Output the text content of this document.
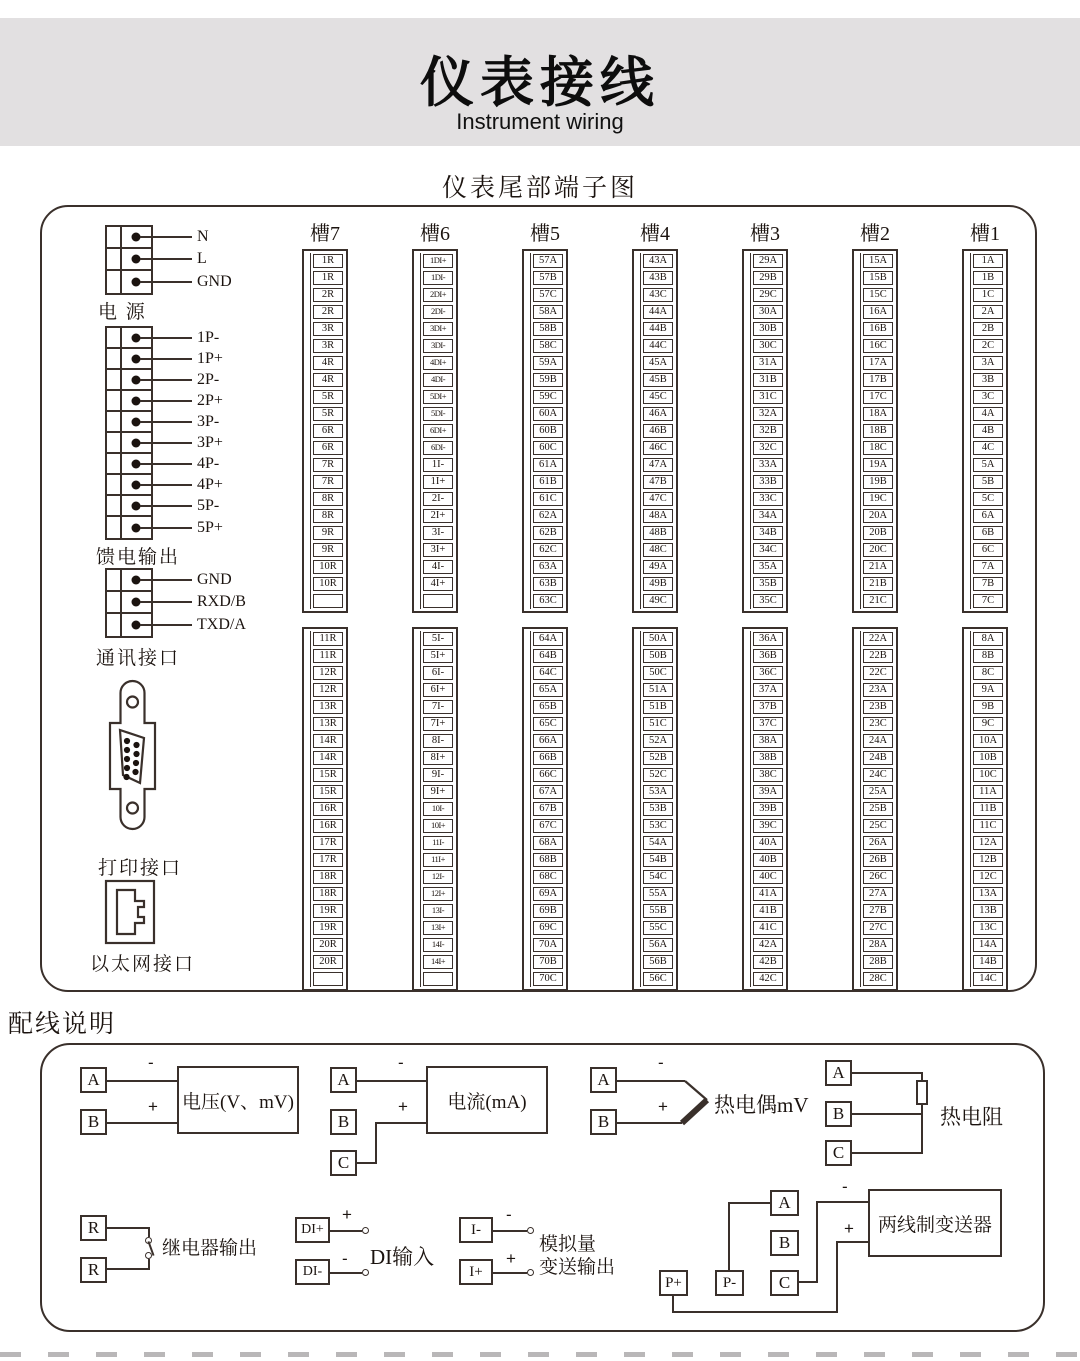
仪表接线
Instrument wiring
仪表尾部端子图
N
L
GND
电 源
1P-
1P+
2P-
2P+
3P-
3P+
4P-
4P+
5P-
5P+
馈电输出
GND
RXD/B
TXD/A
通讯接口
打印接口
以太网接口
槽7
1R
1R
2R
2R
3R
3R
4R
4R
5R
5R
6R
6R
7R
7R
8R
8R
9R
9R
10R
10R
11R
11R
12R
12R
13R
13R
14R
14R
15R
15R
16R
16R
17R
17R
18R
18R
19R
19R
20R
20R
槽6
1DI+
1DI-
2DI+
2DI-
3DI+
3DI-
4DI+
4DI-
5DI+
5DI-
6DI+
6DI-
1I-
1I+
2I-
2I+
3I-
3I+
4I-
4I+
5I-
5I+
6I-
6I+
7I-
7I+
8I-
8I+
9I-
9I+
10I-
10I+
11I-
11I+
12I-
12I+
13I-
13I+
14I-
14I+
槽5
57A
57B
57C
58A
58B
58C
59A
59B
59C
60A
60B
60C
61A
61B
61C
62A
62B
62C
63A
63B
63C
64A
64B
64C
65A
65B
65C
66A
66B
66C
67A
67B
67C
68A
68B
68C
69A
69B
69C
70A
70B
70C
槽4
43A
43B
43C
44A
44B
44C
45A
45B
45C
46A
46B
46C
47A
47B
47C
48A
48B
48C
49A
49B
49C
50A
50B
50C
51A
51B
51C
52A
52B
52C
53A
53B
53C
54A
54B
54C
55A
55B
55C
56A
56B
56C
槽3
29A
29B
29C
30A
30B
30C
31A
31B
31C
32A
32B
32C
33A
33B
33C
34A
34B
34C
35A
35B
35C
36A
36B
36C
37A
37B
37C
38A
38B
38C
39A
39B
39C
40A
40B
40C
41A
41B
41C
42A
42B
42C
槽2
15A
15B
15C
16A
16B
16C
17A
17B
17C
18A
18B
18C
19A
19B
19C
20A
20B
20C
21A
21B
21C
22A
22B
22C
23A
23B
23C
24A
24B
24C
25A
25B
25C
26A
26B
26C
27A
27B
27C
28A
28B
28C
槽1
1A
1B
1C
2A
2B
2C
3A
3B
3C
4A
4B
4C
5A
5B
5C
6A
6B
6C
7A
7B
7C
8A
8B
8C
9A
9B
9C
10A
10B
10C
11A
11B
11C
12A
12B
12C
13A
13B
13C
14A
14B
14C
配线说明
A
B
-
+ 电压(V、mV)
A
B
C
-
+	电流(mA)
A
B
-
+ 热电偶mV
A
B
C
热电阻
R
R
继电器输出
DI+
DI-
+
- DI输入
I-
I+
-
+
模拟量
变送输出
A
B
C
P+	P-
两线制变送器
-
+
